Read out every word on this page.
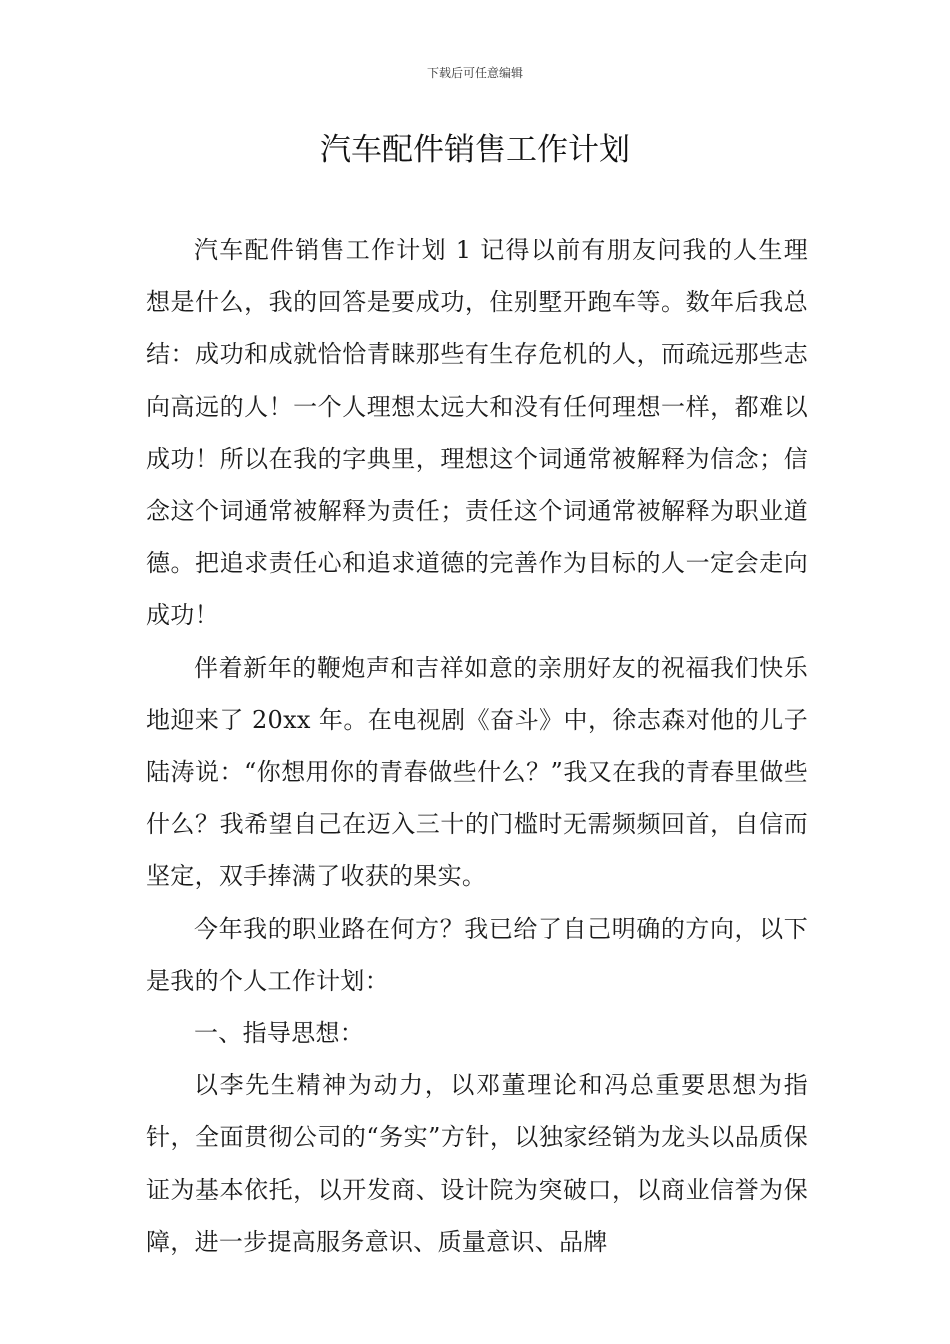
下载后可任意编辑
汽车配件销售工作计划

汽车配件销售工作计划 1 记得以前有朋友问我的人生理想是什么，我的回答是要成功，住别墅开跑车等。数年后我总结：成功和成就恰恰青睐那些有生存危机的人，而疏远那些志向高远的人！一个人理想太远大和没有任何理想一样，都难以成功！所以在我的字典里，理想这个词通常被解释为信念；信念这个词通常被解释为责任；责任这个词通常被解释为职业道德。把追求责任心和追求道德的完善作为目标的人一定会走向成功！

伴着新年的鞭炮声和吉祥如意的亲朋好友的祝福我们快乐地迎来了 20xx 年。在电视剧《奋斗》中，徐志森对他的儿子陆涛说：“你想用你的青春做些什么？”我又在我的青春里做些什么？我希望自己在迈入三十的门槛时无需频频回首，自信而坚定，双手捧满了收获的果实。

今年我的职业路在何方？我已给了自己明确的方向，以下是我的个人工作计划：

一、指导思想：

以李先生精神为动力，以邓董理论和冯总重要思想为指针，全面贯彻公司的“务实”方针，以独家经销为龙头以品质保证为基本依托，以开发商、设计院为突破口，以商业信誉为保障，进一步提高服务意识、质量意识、品牌
